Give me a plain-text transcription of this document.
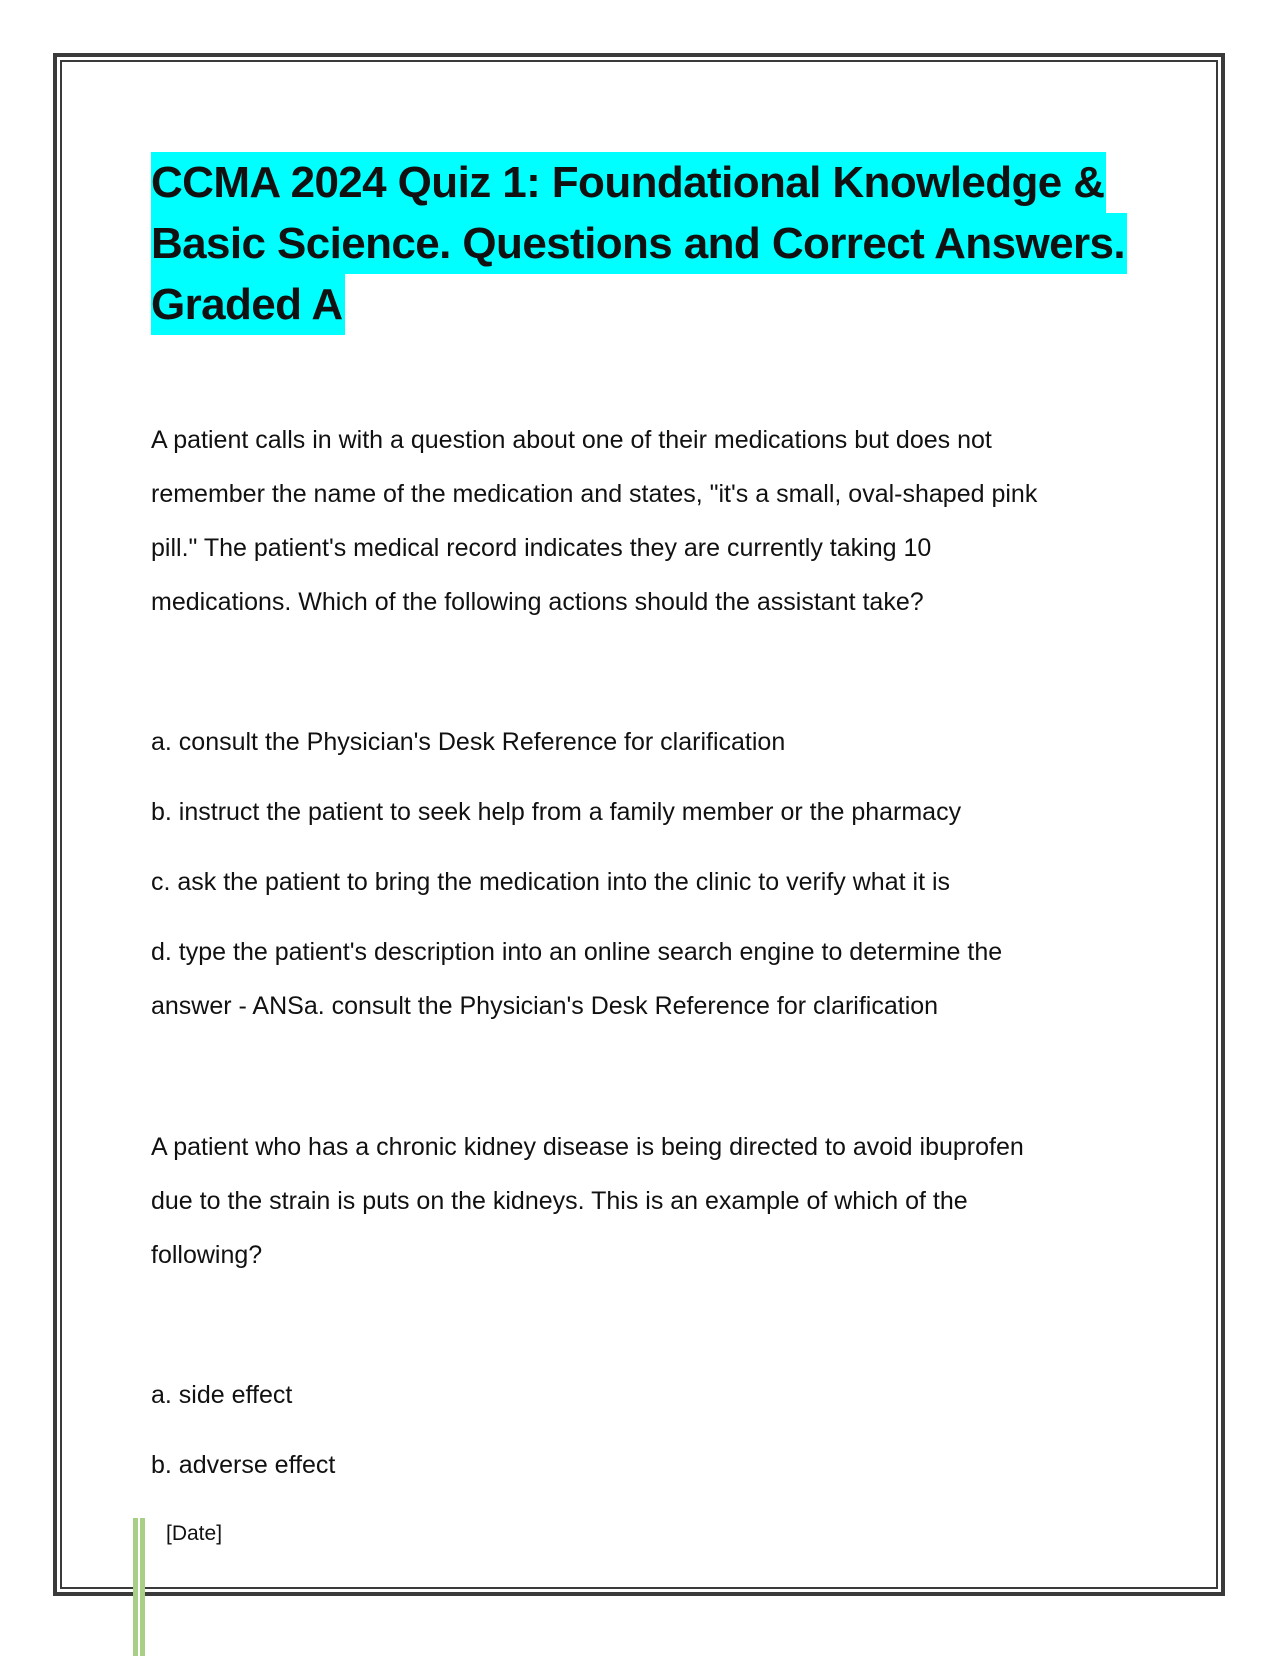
CCMA 2024 Quiz 1: Foundational Knowledge &
Basic Science. Questions and Correct Answers.
Graded A
A patient calls in with a question about one of their medications but does not
remember the name of the medication and states, "it's a small, oval-shaped pink
pill." The patient's medical record indicates they are currently taking 10
medications. Which of the following actions should the assistant take?
a. consult the Physician's Desk Reference for clarification
b. instruct the patient to seek help from a family member or the pharmacy
c. ask the patient to bring the medication into the clinic to verify what it is
d. type the patient's description into an online search engine to determine the
answer - ANSa. consult the Physician's Desk Reference for clarification
A patient who has a chronic kidney disease is being directed to avoid ibuprofen
due to the strain is puts on the kidneys. This is an example of which of the
following?
a. side effect
b. adverse effect
[Date]
